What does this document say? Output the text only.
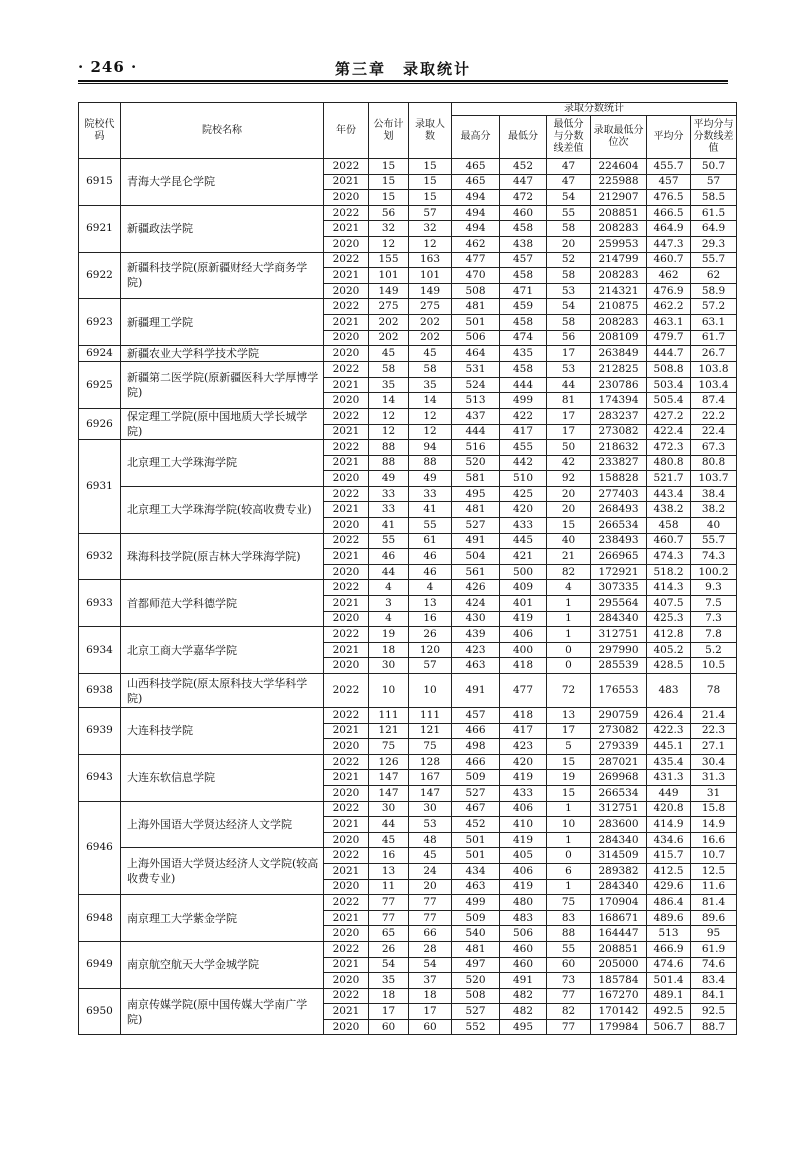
· 246 ·	第三章　录取统计
院校代码	院校名称	年份	公布计划	录取人数	录取分数统计					
					最高分	最低分	最低分与分数线差值	录取最低分位次	平均分	平均分与分数线差值
6915	青海大学昆仑学院	2022	15	15	465	452	47	224604	455.7	50.7
		2021	15	15	465	447	47	225988	457	57
		2020	15	15	494	472	54	212907	476.5	58.5
6921	新疆政法学院	2022	56	57	494	460	55	208851	466.5	61.5
		2021	32	32	494	458	58	208283	464.9	64.9
		2020	12	12	462	438	20	259953	447.3	29.3
6922	新疆科技学院(原新疆财经大学商务学院)	2022	155	163	477	457	52	214799	460.7	55.7
		2021	101	101	470	458	58	208283	462	62
		2020	149	149	508	471	53	214321	476.9	58.9
6923	新疆理工学院	2022	275	275	481	459	54	210875	462.2	57.2
		2021	202	202	501	458	58	208283	463.1	63.1
		2020	202	202	506	474	56	208109	479.7	61.7
6924	新疆农业大学科学技术学院	2020	45	45	464	435	17	263849	444.7	26.7
6925	新疆第二医学院(原新疆医科大学厚博学院)	2022	58	58	531	458	53	212825	508.8	103.8
		2021	35	35	524	444	44	230786	503.4	103.4
		2020	14	14	513	499	81	174394	505.4	87.4
6926	保定理工学院(原中国地质大学长城学院)	2022	12	12	437	422	17	283237	427.2	22.2
		2021	12	12	444	417	17	273082	422.4	22.4
6931	北京理工大学珠海学院	2022	88	94	516	455	50	218632	472.3	67.3
		2021	88	88	520	442	42	233827	480.8	80.8
		2020	49	49	581	510	92	158828	521.7	103.7
	北京理工大学珠海学院(较高收费专业)	2022	33	33	495	425	20	277403	443.4	38.4
		2021	33	41	481	420	20	268493	438.2	38.2
		2020	41	55	527	433	15	266534	458	40
6932	珠海科技学院(原吉林大学珠海学院)	2022	55	61	491	445	40	238493	460.7	55.7
		2021	46	46	504	421	21	266965	474.3	74.3
		2020	44	46	561	500	82	172921	518.2	100.2
6933	首都师范大学科德学院	2022	4	4	426	409	4	307335	414.3	9.3
		2021	3	13	424	401	1	295564	407.5	7.5
		2020	4	16	430	419	1	284340	425.3	7.3
6934	北京工商大学嘉华学院	2022	19	26	439	406	1	312751	412.8	7.8
		2021	18	120	423	400	0	297990	405.2	5.2
		2020	30	57	463	418	0	285539	428.5	10.5
6938	山西科技学院(原太原科技大学华科学院)	2022	10	10	491	477	72	176553	483	78
6939	大连科技学院	2022	111	111	457	418	13	290759	426.4	21.4
		2021	121	121	466	417	17	273082	422.3	22.3
		2020	75	75	498	423	5	279339	445.1	27.1
6943	大连东软信息学院	2022	126	128	466	420	15	287021	435.4	30.4
		2021	147	167	509	419	19	269968	431.3	31.3
		2020	147	147	527	433	15	266534	449	31
6946	上海外国语大学贤达经济人文学院	2022	30	30	467	406	1	312751	420.8	15.8
		2021	44	53	452	410	10	283600	414.9	14.9
		2020	45	48	501	419	1	284340	434.6	16.6
	上海外国语大学贤达经济人文学院(较高收费专业)	2022	16	45	501	405	0	314509	415.7	10.7
		2021	13	24	434	406	6	289382	412.5	12.5
		2020	11	20	463	419	1	284340	429.6	11.6
6948	南京理工大学紫金学院	2022	77	77	499	480	75	170904	486.4	81.4
		2021	77	77	509	483	83	168671	489.6	89.6
		2020	65	66	540	506	88	164447	513	95
6949	南京航空航天大学金城学院	2022	26	28	481	460	55	208851	466.9	61.9
		2021	54	54	497	460	60	205000	474.6	74.6
		2020	35	37	520	491	73	185784	501.4	83.4
6950	南京传媒学院(原中国传媒大学南广学院)	2022	18	18	508	482	77	167270	489.1	84.1
		2021	17	17	527	482	82	170142	492.5	92.5
		2020	60	60	552	495	77	179984	506.7	88.7
